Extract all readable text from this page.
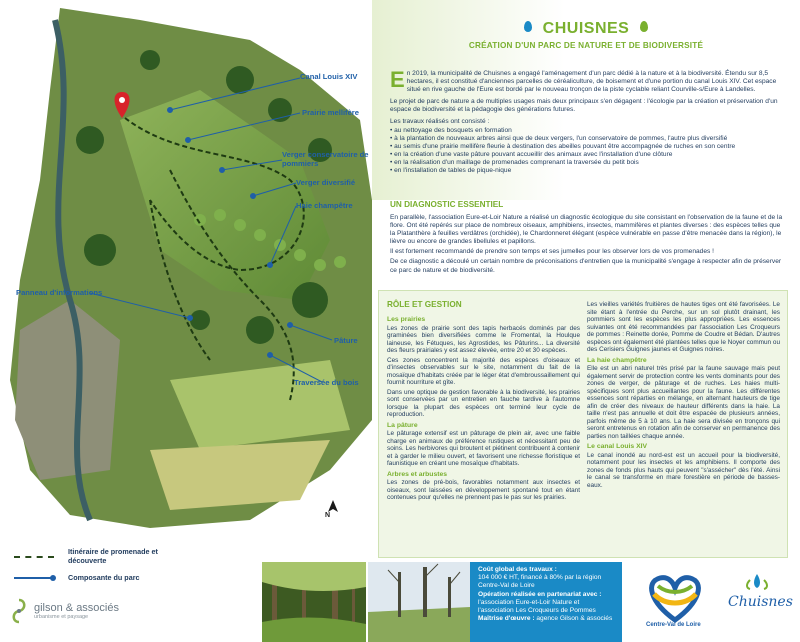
Canal Louis XIV
Prairie mellifère
Verger conservatoire de pommiers
Verger diversifié
Haie champêtre
Panneau d'informations
Pâture
Traversée du bois
N
Itinéraire de promenade et découverte
Composante du parc
gilson & associés
urbanisme et paysage
CHUISNES
CRÉATION D'UN PARC DE NATURE ET DE BIODIVERSITÉ

En 2019, la municipalité de Chuisnes a engagé l'aménagement d'un parc dédié à la nature et à la biodiversité. Étendu sur 8,5 hectares, il est constitué d'anciennes parcelles de céréaliculture, de boisement et d'une portion du canal Louis XIV. Cet espace situé en rive gauche de l'Eure est bordé par le nouveau tronçon de la piste cyclable reliant Courville-s/Eure à Landelles.

Le projet de parc de nature a de multiples usages mais deux principaux s'en dégagent : l'écologie par la création et préservation d'un espace de biodiversité et la pédagogie des générations futures.

Les travaux réalisés ont consisté :
• au nettoyage des bosquets en formation
• à la plantation de nouveaux arbres ainsi que de deux vergers, l'un conservatoire de pommes, l'autre plus diversifié
• au semis d'une prairie mellifère fleurie à destination des abeilles pouvant être accompagnée de ruches en son centre
• en la création d'une vaste pâture pouvant accueillir des animaux avec l'installation d'une clôture
• en la réalisation d'un maillage de promenades comprenant la traversée du petit bois
• en l'installation de tables de pique-nique
UN DIAGNOSTIC ESSENTIEL

En parallèle, l'association Eure-et-Loir Nature a réalisé un diagnostic écologique du site consistant en l'observation de la faune et de la flore. Ont été repérés sur place de nombreux oiseaux, amphibiens, insectes, mammifères et plantes diverses : des espèces telles que la Platanthère à feuilles verdâtres (orchidée), le Chardonneret élégant (espèce vulnérable en passe d'être menacée dans la région), le lièvre ou encore de grandes libellules et papillons.

Il est fortement recommandé de prendre son temps et ses jumelles pour les observer lors de vos promenades !

De ce diagnostic a découlé un certain nombre de préconisations d'entretien que la municipalité s'engage à respecter afin de préserver ce parc de nature et de biodiversité.

RÔLE ET GESTION
Les prairies

Les zones de prairie sont des tapis herbacés dominés par des graminées bien diversifiées comme le Fromental, la Houlque laineuse, les Fétuques, les Agrostides, les Pâturins... La diversité des fleurs prairiales y est assez élevée, entre 20 et 30 espèces.

Ces zones concentrent la majorité des espèces d'oiseaux et d'insectes observables sur le site, notamment du fait de la mosaïque d'habitats créée par le léger état d'embroussaillement qui fournit nourriture et gîte.

Dans une optique de gestion favorable à la biodiversité, les prairies sont conservées par un entretien en fauche tardive à l'automne lorsque la plupart des espèces ont terminé leur cycle de reproduction.

La pâture

Le pâturage extensif est un pâturage de plein air, avec une faible charge en animaux de préférence rustiques et nécessitant peu de soins. Les herbivores qui broutent et piétinent contribuent à contenir et à garder le milieu ouvert, et favorisent une richesse floristique et faunistique en créant une mosaïque d'habitats.

Arbres et arbustes

Les zones de pré-bois, favorables notamment aux insectes et oiseaux, sont laissées en développement spontané tout en étant contenues pour qu'elles ne prennent pas le pas sur les prairies.

Les vieilles variétés fruitières de hautes tiges ont été favorisées. Le site étant à l'entrée du Perche, sur un sol plutôt drainant, les pommiers sont les espèces les plus appropriées. Les essences suivantes ont été recommandées par l'association Les Croqueurs de pommes : Reinette dorée, Pomme de Coudre et Bédan. D'autres espèces ont également été plantées telles que le Noyer commun ou des Cerisiers Guignes jaunes et Guignes noires.

La haie champêtre

Elle est un abri naturel très prisé par la faune sauvage mais peut également servir de protection contre les vents dominants pour des zones de verger, de pâturage et de ruches. Les haies multi-spécifiques sont plus accueillantes pour la faune. Les différentes essences sont réparties en mélange, en alternant hauteurs de tige afin de créer des niveaux de hauteur différents dans la haie. La taille n'est pas annuelle et doit être espacée de plusieurs années, parfois même de 5 à 10 ans. La haie sera divisée en tronçons qui seront entretenus en rotation afin de conserver en permanence des parties non taillées chaque année.

Le canal Louis XIV

Le canal inondé au nord-est est un accueil pour la biodiversité, notamment pour les insectes et les amphibiens. Il comporte des zones de fonds plus hauts qui peuvent "s'assécher" dès l'été. Ainsi le canal se transforme en mare forestière en période de basses-eaux.

Coût global des travaux :
104 000 € HT, financé à 80% par la région Centre-Val de Loire
Opération réalisée en partenariat avec :
l'association Eure-et-Loir Nature et l'association Les Croqueurs de Pommes
Maîtrise d'œuvre : agence Gilson & associés
Centre-Val de Loire
Chuisnes
